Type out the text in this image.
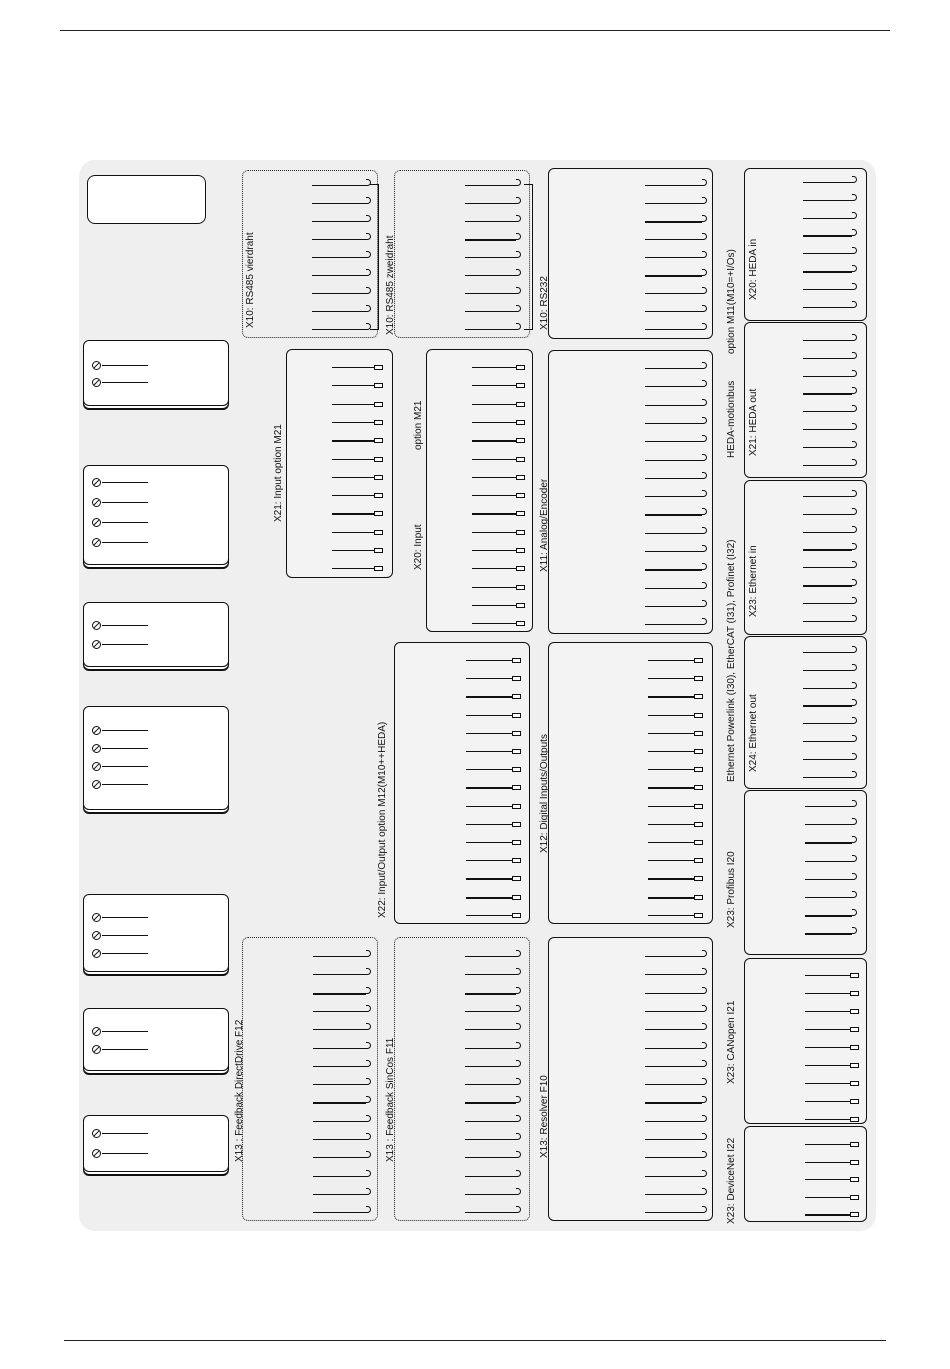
X10: RS485 vierdraht	X10: RS485 zweidraht	X10: RS232
X21: Input option M21
X20: Input
option M21
X11: Analog/Encoder
X22: Input/Output option M12(M10++HEDA)	X12: Digital Inputs/Outputs
X13 : Feedback DirectDrive F12	X13 : Feedback SinCos F11	X13: Resolver F10
option M11(M10=+I/Os)
HEDA-motionbus
Ethernet Powerlink (I30), EtherCAT (I31), Profinet (I32)
X23: Profibus I20
X23: CANopen I21
X23: DeviceNet I22
X20: HEDA in
X21: HEDA out
X23: Ethernet in
X24: Ethernet out
